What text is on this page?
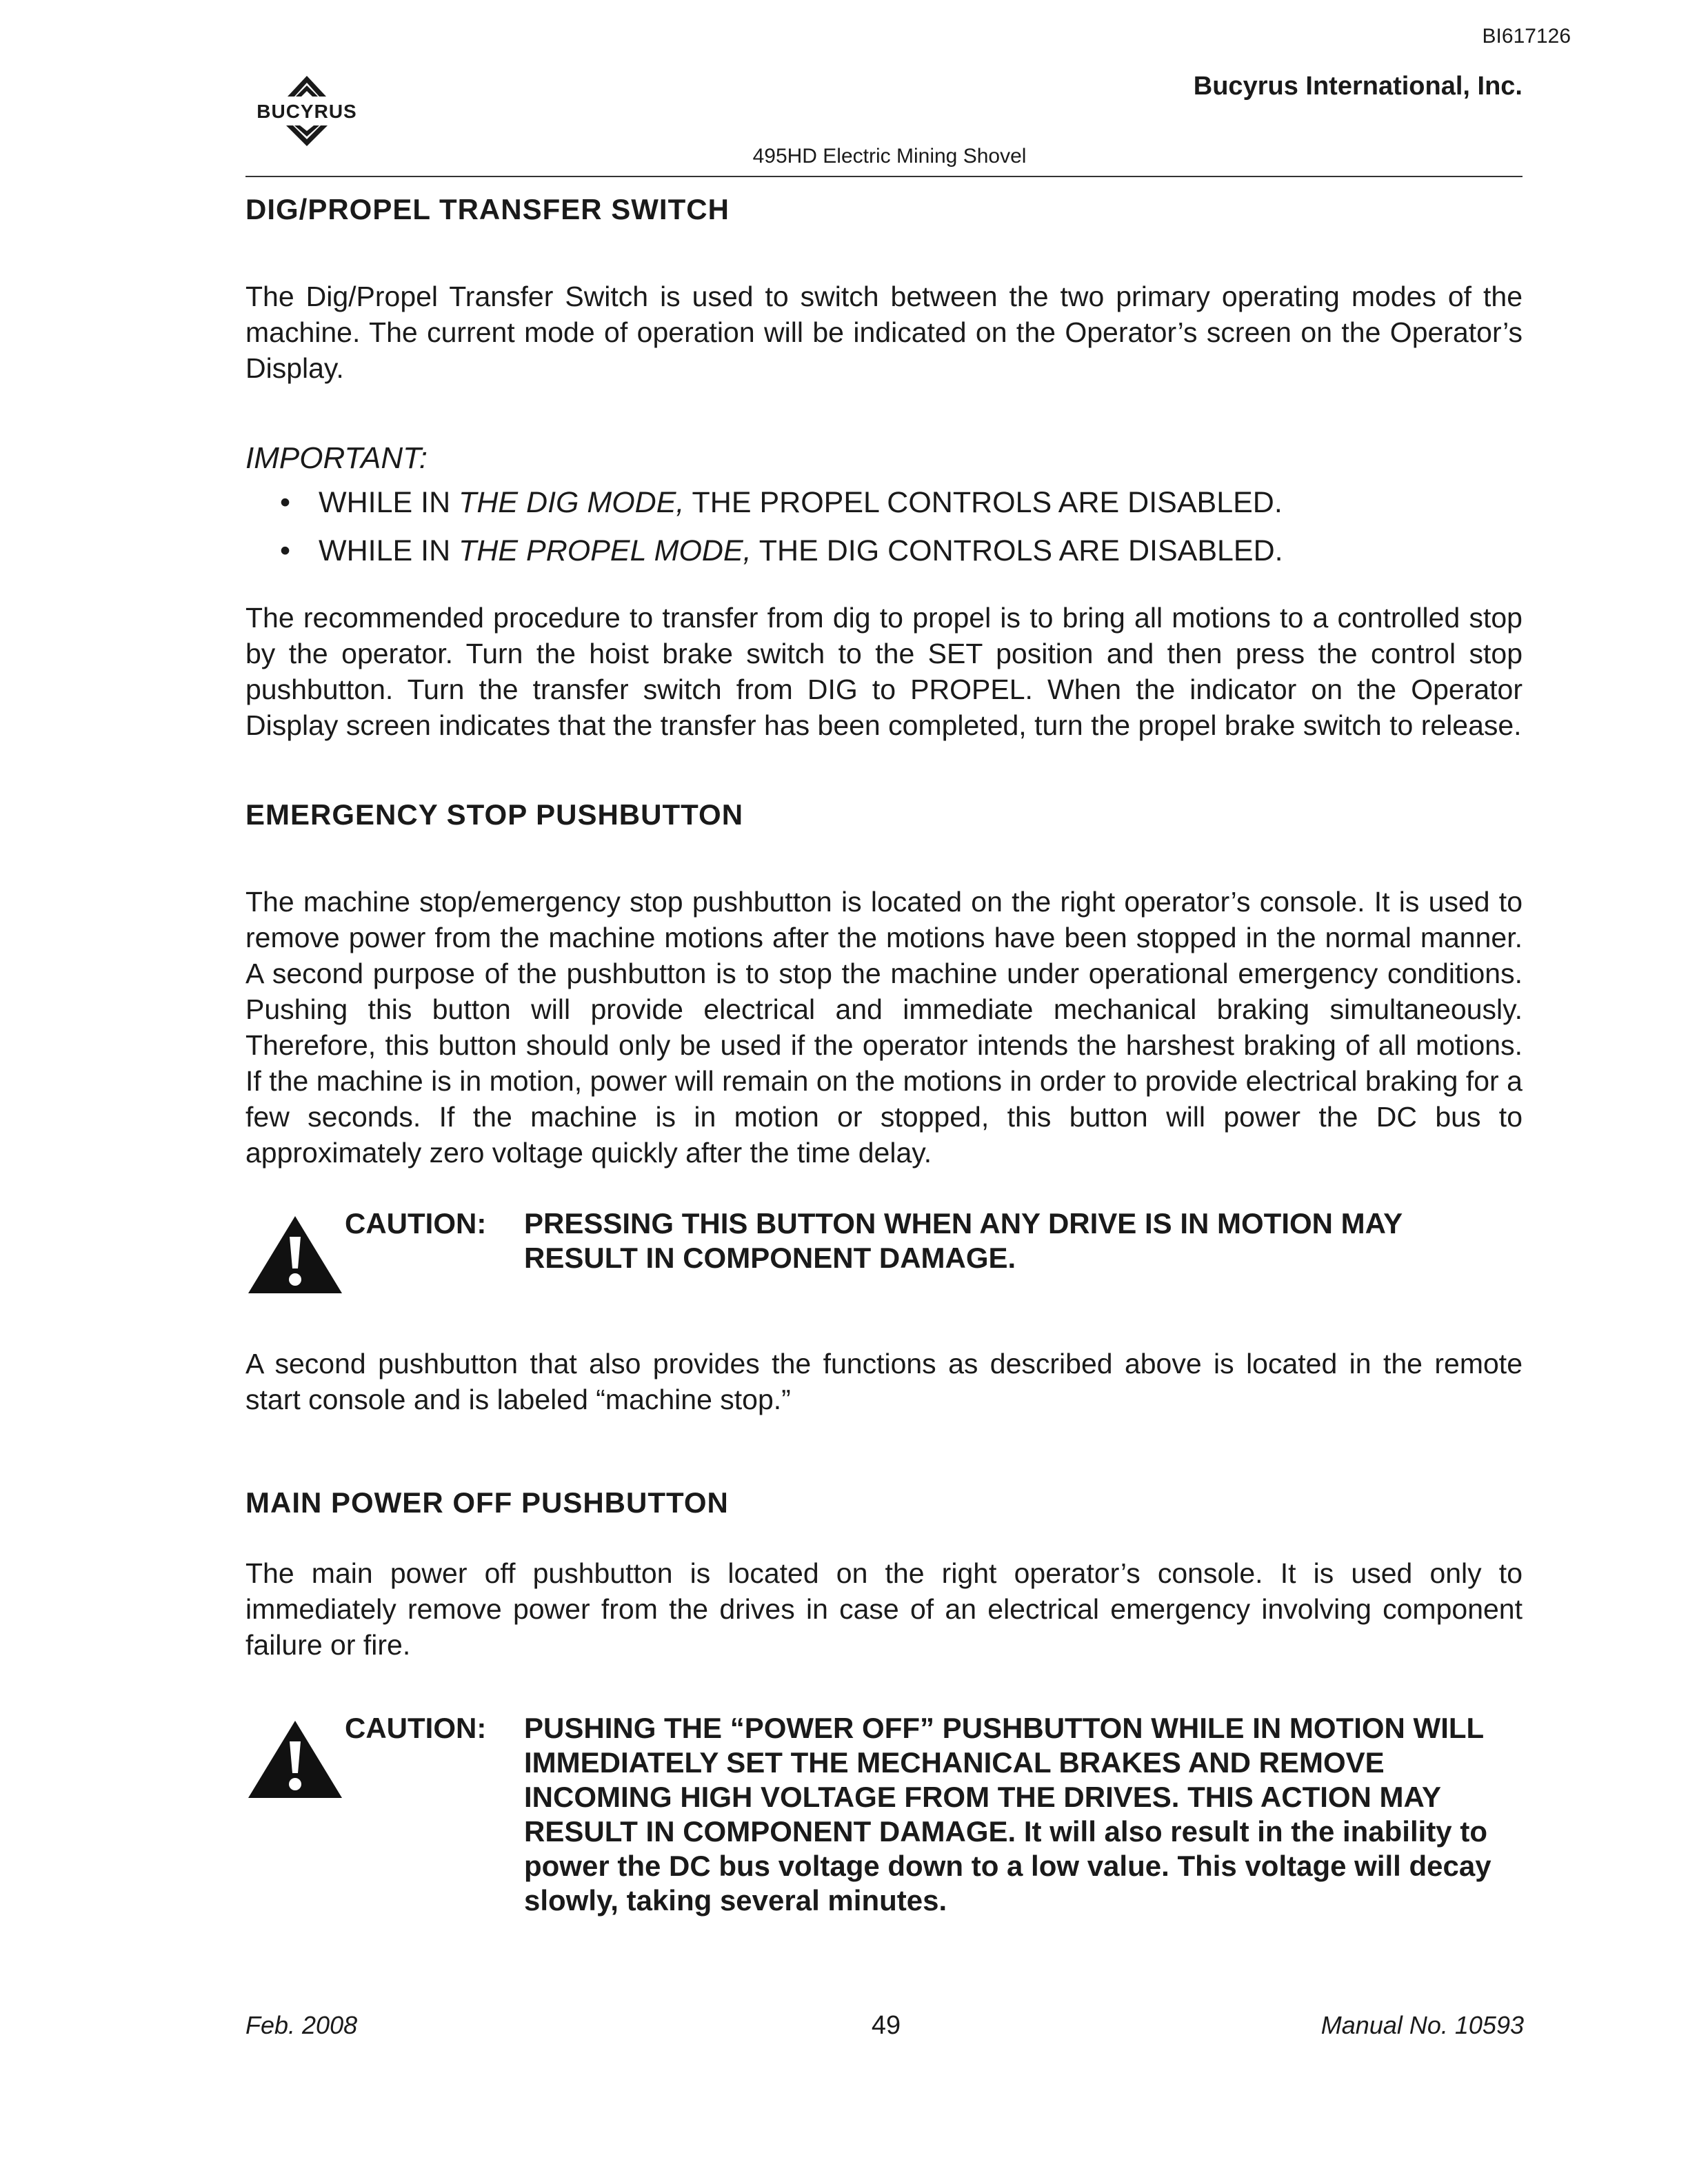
BI617126
BUCYRUS
Bucyrus International, Inc.
495HD Electric Mining Shovel
DIG/PROPEL TRANSFER SWITCH

The Dig/Propel Transfer Switch is used to switch between the two primary operating modes of the machine. The current mode of operation will be indicated on the Operator’s screen on the Operator’s Display.

IMPORTANT:
• WHILE IN THE DIG MODE, THE PROPEL CONTROLS ARE DISABLED.
• WHILE IN THE PROPEL MODE, THE DIG CONTROLS ARE DISABLED.

The recommended procedure to transfer from dig to propel is to bring all motions to a controlled stop by the operator. Turn the hoist brake switch to the SET position and then press the control stop pushbutton. Turn the transfer switch from DIG to PROPEL. When the indicator on the Operator Display screen indicates that the transfer has been completed, turn the propel brake switch to release.

EMERGENCY STOP PUSHBUTTON

The machine stop/emergency stop pushbutton is located on the right operator’s console. It is used to remove power from the machine motions after the motions have been stopped in the normal manner. A second purpose of the pushbutton is to stop the machine under operational emergency conditions. Pushing this button will provide electrical and immediate mechanical braking simultaneously. Therefore, this button should only be used if the operator intends the harshest braking of all motions. If the machine is in motion, power will remain on the motions in order to provide electrical braking for a few seconds. If the machine is in motion or stopped, this button will power the DC bus to approximately zero voltage quickly after the time delay.

CAUTION:	PRESSING THIS BUTTON WHEN ANY DRIVE IS IN MOTION MAY RESULT IN COMPONENT DAMAGE.

A second pushbutton that also provides the functions as described above is located in the remote start console and is labeled “machine stop.”

MAIN POWER OFF PUSHBUTTON

The main power off pushbutton is located on the right operator’s console. It is used only to immediately remove power from the drives in case of an electrical emergency involving component failure or fire.

CAUTION:	PUSHING THE “POWER OFF” PUSHBUTTON WHILE IN MOTION WILL IMMEDIATELY SET THE MECHANICAL BRAKES AND REMOVE INCOMING HIGH VOLTAGE FROM THE DRIVES. THIS ACTION MAY RESULT IN COMPONENT DAMAGE. It will also result in the inability to power the DC bus voltage down to a low value. This voltage will decay slowly, taking several minutes.
Feb. 2008	49	Manual No. 10593
